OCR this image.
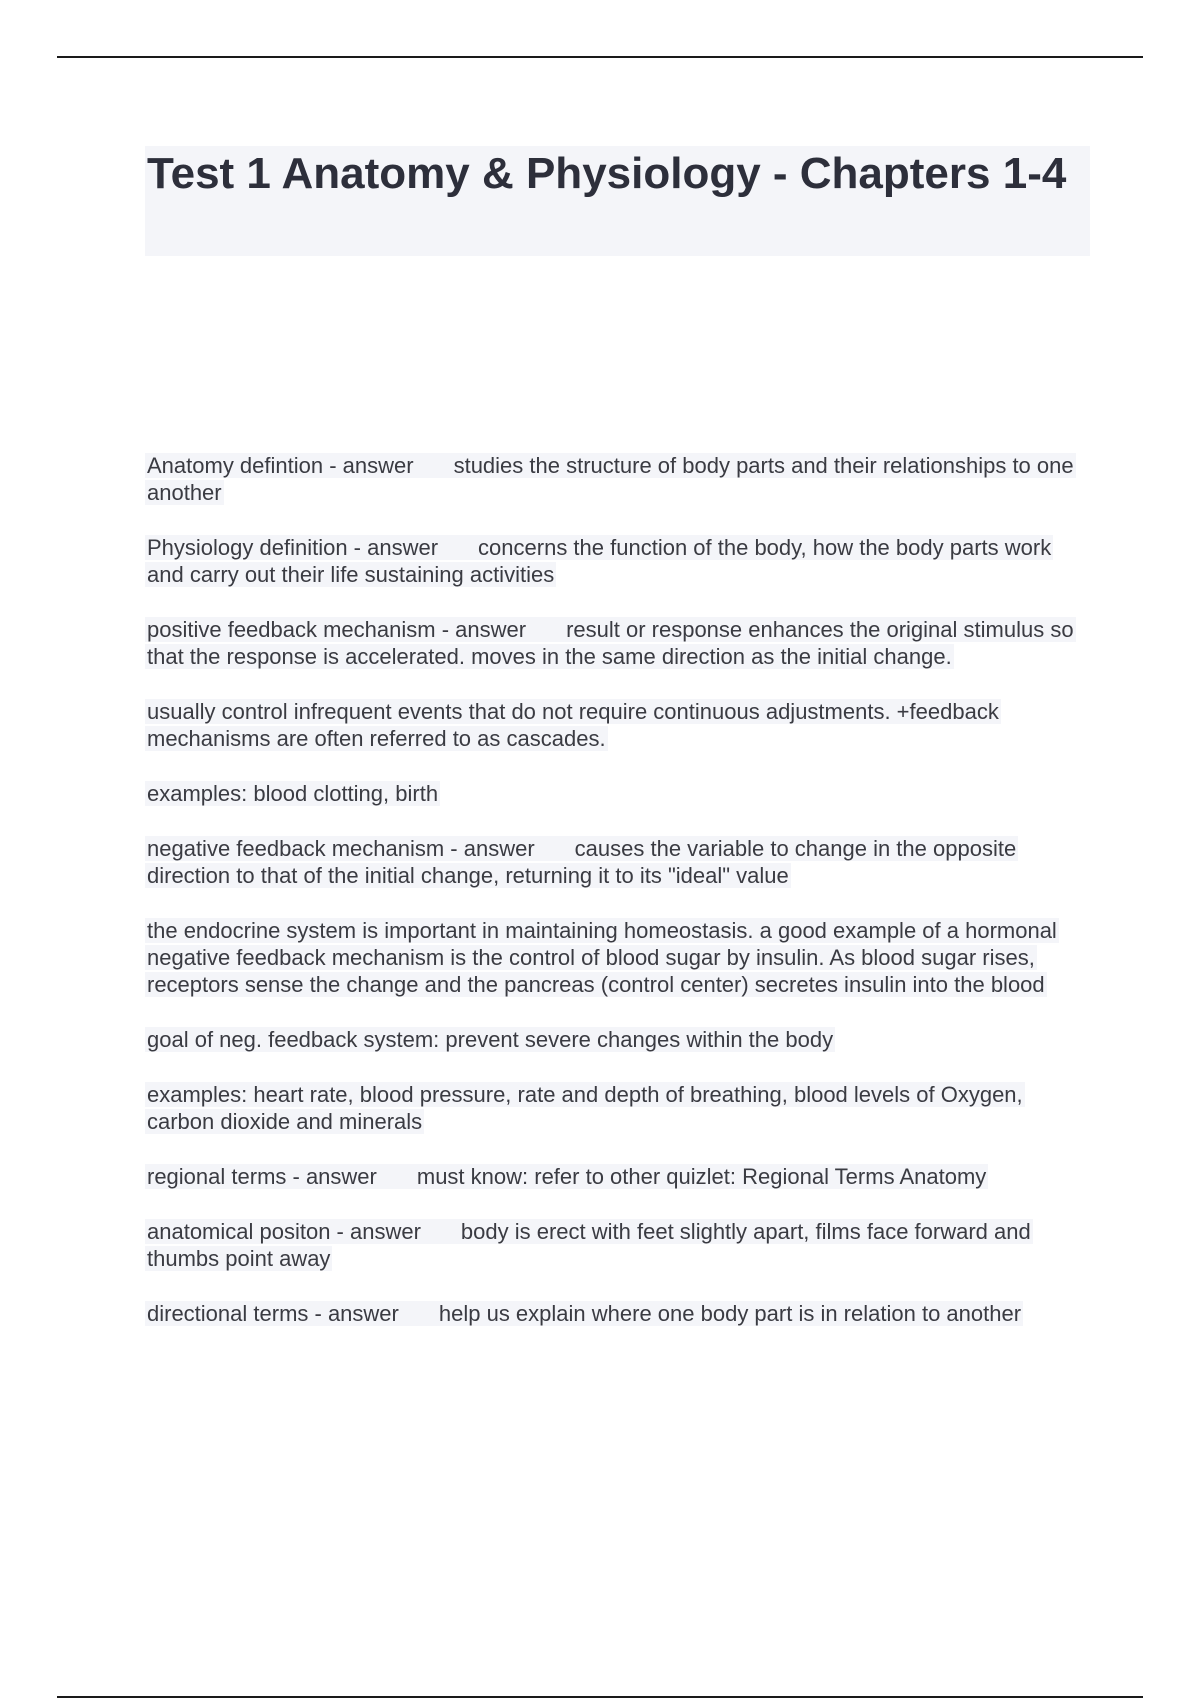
Test 1 Anatomy & Physiology - Chapters 1-4

Anatomy defintion - answer studies the structure of body parts and their relationships to one another

Physiology definition - answer concerns the function of the body, how the body parts work and carry out their life sustaining activities

positive feedback mechanism - answer result or response enhances the original stimulus so that the response is accelerated. moves in the same direction as the initial change.

usually control infrequent events that do not require continuous adjustments. +feedback mechanisms are often referred to as cascades.

examples: blood clotting, birth

negative feedback mechanism - answer causes the variable to change in the opposite direction to that of the initial change, returning it to its "ideal" value

the endocrine system is important in maintaining homeostasis. a good example of a hormonal negative feedback mechanism is the control of blood sugar by insulin. As blood sugar rises, receptors sense the change and the pancreas (control center) secretes insulin into the blood

goal of neg. feedback system: prevent severe changes within the body

examples: heart rate, blood pressure, rate and depth of breathing, blood levels of Oxygen, carbon dioxide and minerals

regional terms - answer must know: refer to other quizlet: Regional Terms Anatomy

anatomical positon - answer body is erect with feet slightly apart, films face forward and thumbs point away

directional terms - answer help us explain where one body part is in relation to another
